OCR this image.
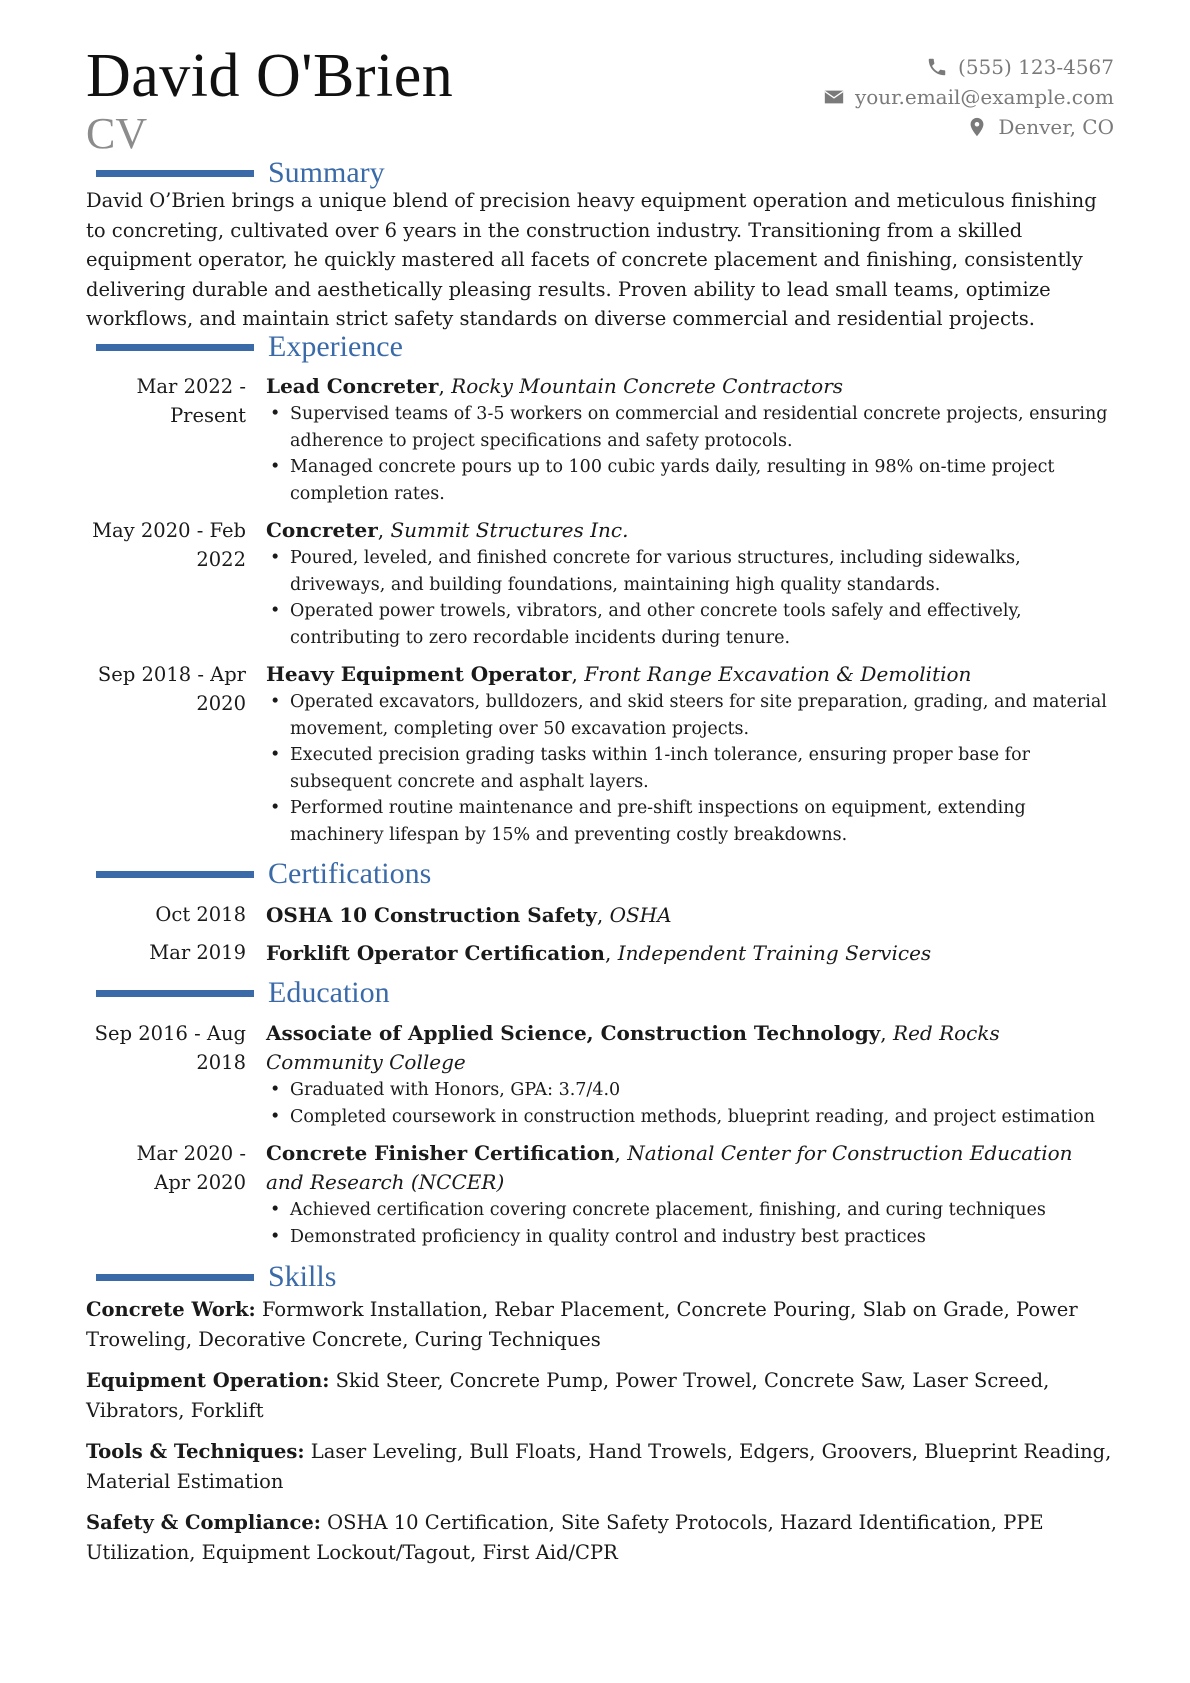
David O'Brien
CV
(555) 123-4567
your.email@example.com
Denver, CO
Summary
David O’Brien brings a unique blend of precision heavy equipment operation and meticulous finishing to concreting, cultivated over 6 years in the construction industry. Transitioning from a skilled equipment operator, he quickly mastered all facets of concrete placement and finishing, consistently delivering durable and aesthetically pleasing results. Proven ability to lead small teams, optimize workflows, and maintain strict safety standards on diverse commercial and residential projects.
Experience
Mar 2022 -
Present
Lead Concreter, Rocky Mountain Concrete Contractors
• Supervised teams of 3-5 workers on commercial and residential concrete projects, ensuring adherence to project specifications and safety protocols.
• Managed concrete pours up to 100 cubic yards daily, resulting in 98% on-time project completion rates.
May 2020 - Feb
2022
Concreter, Summit Structures Inc.
• Poured, leveled, and finished concrete for various structures, including sidewalks, driveways, and building foundations, maintaining high quality standards.
• Operated power trowels, vibrators, and other concrete tools safely and effectively, contributing to zero recordable incidents during tenure.
Sep 2018 - Apr
2020
Heavy Equipment Operator, Front Range Excavation & Demolition
• Operated excavators, bulldozers, and skid steers for site preparation, grading, and material movement, completing over 50 excavation projects.
• Executed precision grading tasks within 1-inch tolerance, ensuring proper base for subsequent concrete and asphalt layers.
• Performed routine maintenance and pre-shift inspections on equipment, extending machinery lifespan by 15% and preventing costly breakdowns.
Certifications
Oct 2018 OSHA 10 Construction Safety, OSHA
Mar 2019 Forklift Operator Certification, Independent Training Services
Education
Sep 2016 - Aug
2018
Associate of Applied Science, Construction Technology, Red Rocks Community College
• Graduated with Honors, GPA: 3.7/4.0
• Completed coursework in construction methods, blueprint reading, and project estimation
Mar 2020 -
Apr 2020
Concrete Finisher Certification, National Center for Construction Education and Research (NCCER)
• Achieved certification covering concrete placement, finishing, and curing techniques
• Demonstrated proficiency in quality control and industry best practices
Skills
Concrete Work: Formwork Installation, Rebar Placement, Concrete Pouring, Slab on Grade, Power Troweling, Decorative Concrete, Curing Techniques
Equipment Operation: Skid Steer, Concrete Pump, Power Trowel, Concrete Saw, Laser Screed, Vibrators, Forklift
Tools & Techniques: Laser Leveling, Bull Floats, Hand Trowels, Edgers, Groovers, Blueprint Reading, Material Estimation
Safety & Compliance: OSHA 10 Certification, Site Safety Protocols, Hazard Identification, PPE Utilization, Equipment Lockout/Tagout, First Aid/CPR
